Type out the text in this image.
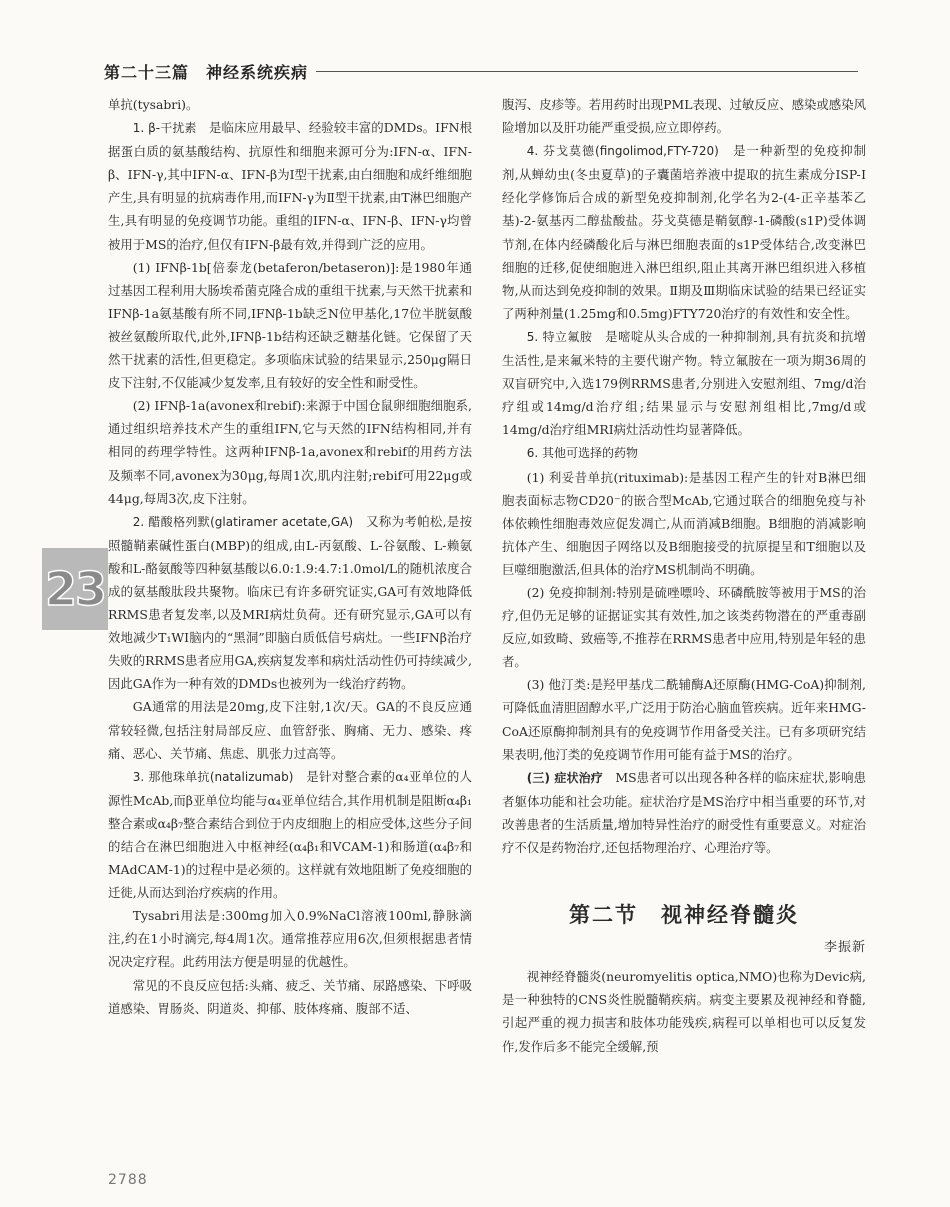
第二十三篇　神经系统疾病
23

单抗(tysabri)。

1. β-干扰素　是临床应用最早、经验较丰富的DMDs。IFN根据蛋白质的氨基酸结构、抗原性和细胞来源可分为:IFN-α、IFN-β、IFN-γ,其中IFN-α、IFN-β为Ⅰ型干扰素,由白细胞和成纤维细胞产生,具有明显的抗病毒作用,而IFN-γ为Ⅱ型干扰素,由T淋巴细胞产生,具有明显的免疫调节功能。重组的IFN-α、IFN-β、IFN-γ均曾被用于MS的治疗,但仅有IFN-β最有效,并得到广泛的应用。

(1) IFNβ-1b[倍泰龙(betaferon/betaseron)]:是1980年通过基因工程利用大肠埃希菌克隆合成的重组干扰素,与天然干扰素和IFNβ-1a氨基酸有所不同,IFNβ-1b缺乏N位甲基化,17位半胱氨酸被丝氨酸所取代,此外,IFNβ-1b结构还缺乏糖基化链。它保留了天然干扰素的活性,但更稳定。多项临床试验的结果显示,250μg隔日皮下注射,不仅能减少复发率,且有较好的安全性和耐受性。

(2) IFNβ-1a(avonex和rebif):来源于中国仓鼠卵细胞细胞系,通过组织培养技术产生的重组IFN,它与天然的IFN结构相同,并有相同的药理学特性。这两种IFNβ-1a,avonex和rebif的用药方法及频率不同,avonex为30μg,每周1次,肌内注射;rebif可用22μg或44μg,每周3次,皮下注射。

2. 醋酸格列默(glatiramer acetate,GA)　又称为考帕松,是按照髓鞘素碱性蛋白(MBP)的组成,由L-丙氨酸、L-谷氨酸、L-赖氨酸和L-酪氨酸等四种氨基酸以6.0:1.9:4.7:1.0mol/L的随机浓度合成的氨基酸肽段共聚物。临床已有许多研究证实,GA可有效地降低RRMS患者复发率,以及MRI病灶负荷。还有研究显示,GA可以有效地减少T₁WI脑内的“黑洞”即脑白质低信号病灶。一些IFNβ治疗失败的RRMS患者应用GA,疾病复发率和病灶活动性仍可持续减少,因此GA作为一种有效的DMDs也被列为一线治疗药物。

GA通常的用法是20mg,皮下注射,1次/天。GA的不良反应通常较轻微,包括注射局部反应、血管舒张、胸痛、无力、感染、疼痛、恶心、关节痛、焦虑、肌张力过高等。

3. 那他珠单抗(natalizumab)　是针对整合素的α₄亚单位的人源性McAb,而β亚单位均能与α₄亚单位结合,其作用机制是阻断α₄β₁整合素或α₄β₇整合素结合到位于内皮细胞上的相应受体,这些分子间的结合在淋巴细胞进入中枢神经(α₄β₁和VCAM-1)和肠道(α₄β₇和MAdCAM-1)的过程中是必须的。这样就有效地阻断了免疫细胞的迁徙,从而达到治疗疾病的作用。

Tysabri用法是:300mg加入0.9%NaCl溶液100ml,静脉滴注,约在1小时滴完,每4周1次。通常推荐应用6次,但须根据患者情况决定疗程。此药用法方便是明显的优越性。

常见的不良反应包括:头痛、疲乏、关节痛、尿路感染、下呼吸道感染、胃肠炎、阴道炎、抑郁、肢体疼痛、腹部不适、

腹泻、皮疹等。若用药时出现PML表现、过敏反应、感染或感染风险增加以及肝功能严重受损,应立即停药。

4. 芬戈莫德(fingolimod,FTY-720)　是一种新型的免疫抑制剂,从蝉幼虫(冬虫夏草)的子囊菌培养液中提取的抗生素成分ISP-Ⅰ经化学修饰后合成的新型免疫抑制剂,化学名为2-(4-正辛基苯乙基)-2-氨基丙二醇盐酸盐。芬戈莫德是鞘氨醇-1-磷酸(s1P)受体调节剂,在体内经磷酸化后与淋巴细胞表面的s1P受体结合,改变淋巴细胞的迁移,促使细胞进入淋巴组织,阻止其离开淋巴组织进入移植物,从而达到免疫抑制的效果。Ⅱ期及Ⅲ期临床试验的结果已经证实了两种剂量(1.25mg和0.5mg)FTY720治疗的有效性和安全性。

5. 特立氟胺　是嘧啶从头合成的一种抑制剂,具有抗炎和抗增生活性,是来氟米特的主要代谢产物。特立氟胺在一项为期36周的双盲研究中,入选179例RRMS患者,分别进入安慰剂组、7mg/d治疗组或14mg/d治疗组;结果显示与安慰剂组相比,7mg/d或14mg/d治疗组MRI病灶活动性均显著降低。

6. 其他可选择的药物

(1) 利妥昔单抗(rituximab):是基因工程产生的针对B淋巴细胞表面标志物CD20⁻的嵌合型McAb,它通过联合的细胞免疫与补体依赖性细胞毒效应促发凋亡,从而消减B细胞。B细胞的消减影响抗体产生、细胞因子网络以及B细胞接受的抗原提呈和T细胞以及巨噬细胞激活,但具体的治疗MS机制尚不明确。

(2) 免疫抑制剂:特别是硫唑嘌呤、环磷酰胺等被用于MS的治疗,但仍无足够的证据证实其有效性,加之该类药物潜在的严重毒副反应,如致畸、致癌等,不推荐在RRMS患者中应用,特别是年轻的患者。

(3) 他汀类:是羟甲基戊二酰辅酶A还原酶(HMG-CoA)抑制剂,可降低血清胆固醇水平,广泛用于防治心脑血管疾病。近年来HMG-CoA还原酶抑制剂具有的免疫调节作用备受关注。已有多项研究结果表明,他汀类的免疫调节作用可能有益于MS的治疗。

(三) 症状治疗　MS患者可以出现各种各样的临床症状,影响患者躯体功能和社会功能。症状治疗是MS治疗中相当重要的环节,对改善患者的生活质量,增加特异性治疗的耐受性有重要意义。对症治疗不仅是药物治疗,还包括物理治疗、心理治疗等。

第二节　视神经脊髓炎
李振新

视神经脊髓炎(neuromyelitis optica,NMO)也称为Devic病,是一种独特的CNS炎性脱髓鞘疾病。病变主要累及视神经和脊髓,引起严重的视力损害和肢体功能残疾,病程可以单相也可以反复发作,发作后多不能完全缓解,预

2788
